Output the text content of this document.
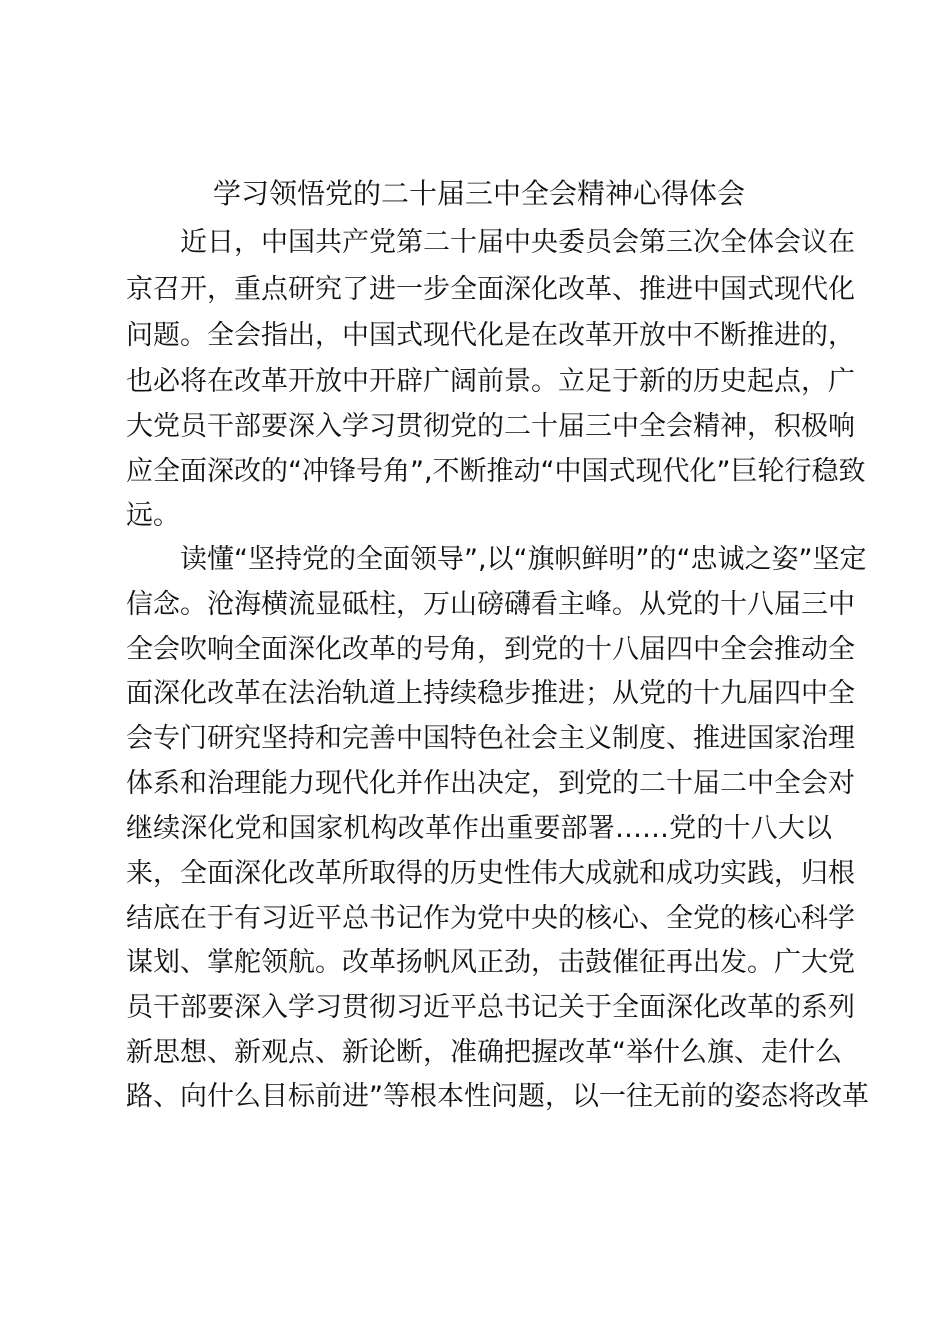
学习领悟党的二十届三中全会精神心得体会
近日，中国共产党第二十届中央委员会第三次全体会议在
京召开，重点研究了进一步全面深化改革、推进中国式现代化
问题。全会指出，中国式现代化是在改革开放中不断推进的，
也必将在改革开放中开辟广阔前景。立足于新的历史起点，广
大党员干部要深入学习贯彻党的二十届三中全会精神，积极响
应全面深改的“冲锋号角”,不断推动“中国式现代化”巨轮行稳致
远。
读懂“坚持党的全面领导”,以“旗帜鲜明”的“忠诚之姿”坚定
信念。沧海横流显砥柱，万山磅礴看主峰。从党的十八届三中
全会吹响全面深化改革的号角，到党的十八届四中全会推动全
面深化改革在法治轨道上持续稳步推进；从党的十九届四中全
会专门研究坚持和完善中国特色社会主义制度、推进国家治理
体系和治理能力现代化并作出决定，到党的二十届二中全会对
继续深化党和国家机构改革作出重要部署……党的十八大以
来，全面深化改革所取得的历史性伟大成就和成功实践，归根
结底在于有习近平总书记作为党中央的核心、全党的核心科学
谋划、掌舵领航。改革扬帆风正劲，击鼓催征再出发。广大党
员干部要深入学习贯彻习近平总书记关于全面深化改革的系列
新思想、新观点、新论断，准确把握改革“举什么旗、走什么
路、向什么目标前进”等根本性问题，以一往无前的姿态将改革
